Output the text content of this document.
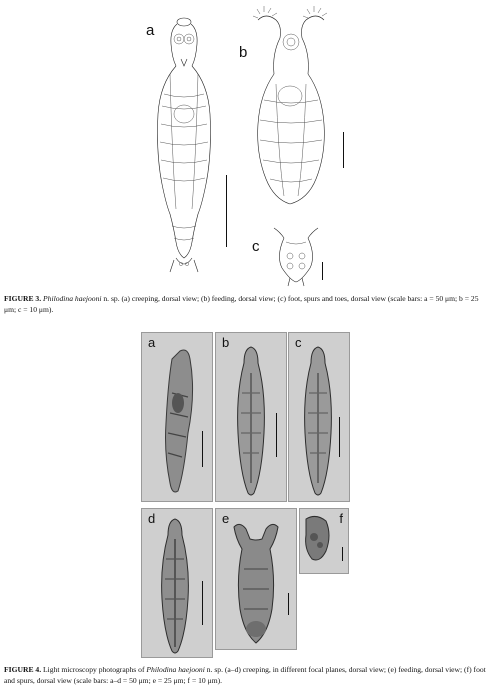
a
b
c
FIGURE 3. Philodina haejooni n. sp. (a) creeping, dorsal view; (b) feeding, dorsal view; (c) foot, spurs and toes, dorsal view (scale bars: a = 50 μm; b = 25 μm; c = 10 μm).
a	b	c
d	e	f
FIGURE 4. Light microscopy photographs of Philodina haejooni n. sp. (a–d) creeping, in different focal planes, dorsal view; (e) feeding, dorsal view; (f) foot and spurs, dorsal view (scale bars: a–d = 50 μm; e = 25 μm; f = 10 μm).
